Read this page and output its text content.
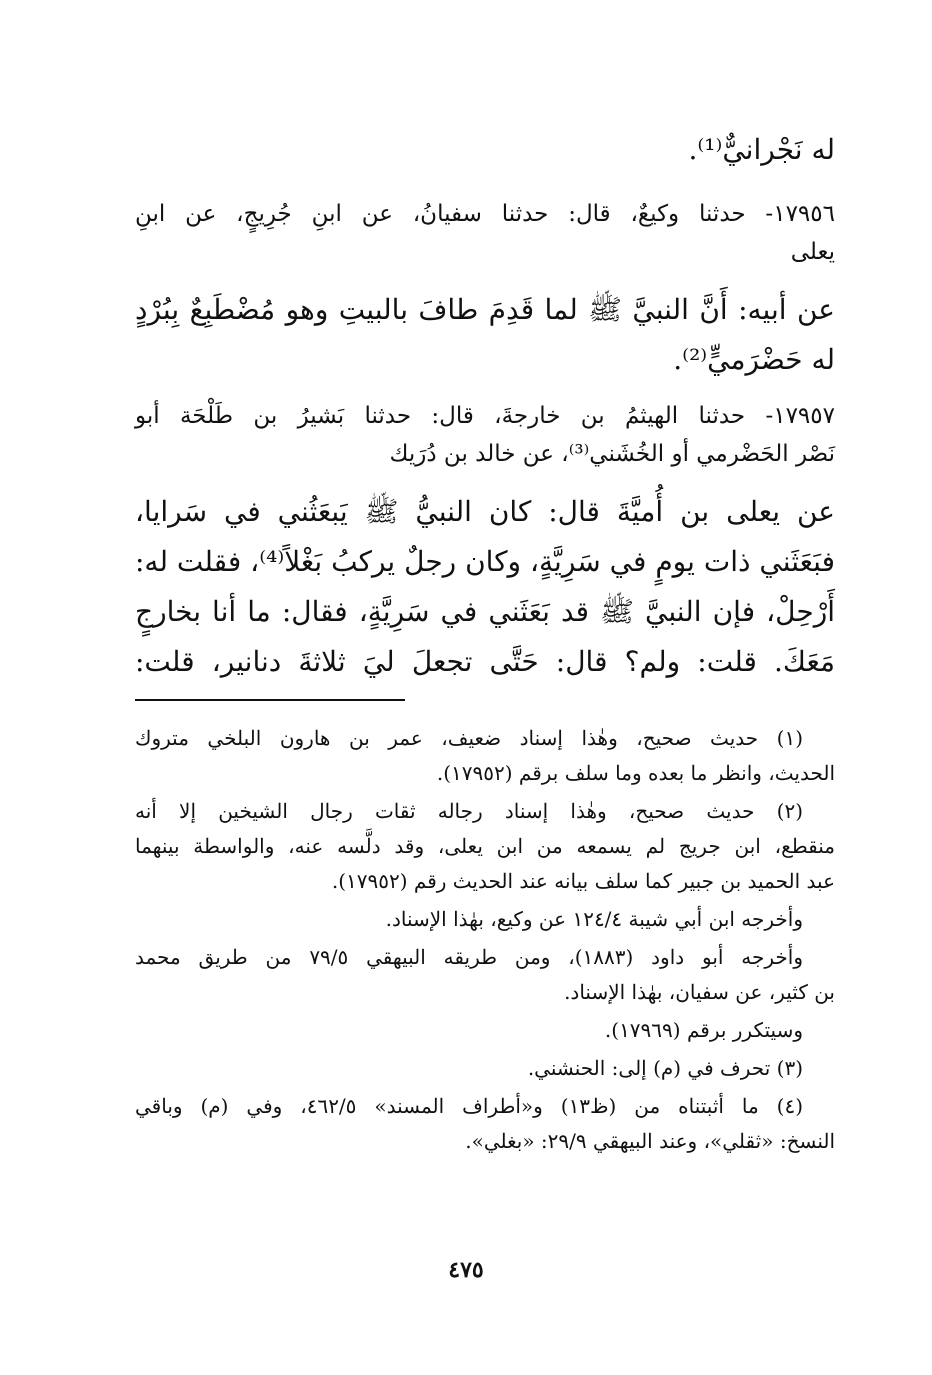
له نَجْرانيٌّ⁽¹⁾.
١٧٩٥٦- حدثنا وكيعٌ، قال: حدثنا سفيانُ، عن ابنِ جُرِيجٍ، عن ابنِ
يعلى
عن أبيه: أَنَّ النبيَّ ﷺ لما قَدِمَ طافَ بالبيتِ وهو مُضْطَبِعٌ بِبُرْدٍ
له حَضْرَميٍّ⁽²⁾.
١٧٩٥٧- حدثنا الهيثمُ بن خارجةَ، قال: حدثنا بَشيرُ بن طَلْحَة أبو
نَصْر الحَضْرمي أو الخُشَني⁽³⁾، عن خالد بن دُرَيك
عن يعلى بن أُميَّةَ قال: كان النبيُّ ﷺ يَبعَثُني في سَرايا،
فبَعَثَني ذات يومٍ في سَرِيَّةٍ، وكان رجلٌ يركبُ بَغْلاً⁽⁴⁾، فقلت له:
أَرْحِلْ، فإن النبيَّ ﷺ قد بَعَثَني في سَرِيَّةٍ، فقال: ما أنا بخارجٍ
مَعَكَ. قلت: ولم؟ قال: حَتَّى تجعلَ ليَ ثلاثةَ دنانير، قلت:
(١) حديث صحيح، وهٰذا إسناد ضعيف، عمر بن هارون البلخي متروك
الحديث، وانظر ما بعده وما سلف برقم (١٧٩٥٢).
(٢) حديث صحيح، وهٰذا إسناد رجاله ثقات رجال الشيخين إلا أنه
منقطع، ابن جريج لم يسمعه من ابن يعلى، وقد دلَّسه عنه، والواسطة بينهما
عبد الحميد بن جبير كما سلف بيانه عند الحديث رقم (١٧٩٥٢).
وأخرجه ابن أبي شيبة ١٢٤/٤ عن وكيع، بهٰذا الإسناد.
وأخرجه أبو داود (١٨٨٣)، ومن طريقه البيهقي ٧٩/٥ من طريق محمد
بن كثير، عن سفيان، بهٰذا الإسناد.
وسيتكرر برقم (١٧٩٦٩).
(٣) تحرف في (م) إلى: الحنشني.
(٤) ما أثبتناه من (ظ١٣) و«أطراف المسند» ٤٦٢/٥، وفي (م) وباقي
النسخ: «ثقلي»، وعند البيهقي ٢٩/٩: «بغلي».
٤٧٥
